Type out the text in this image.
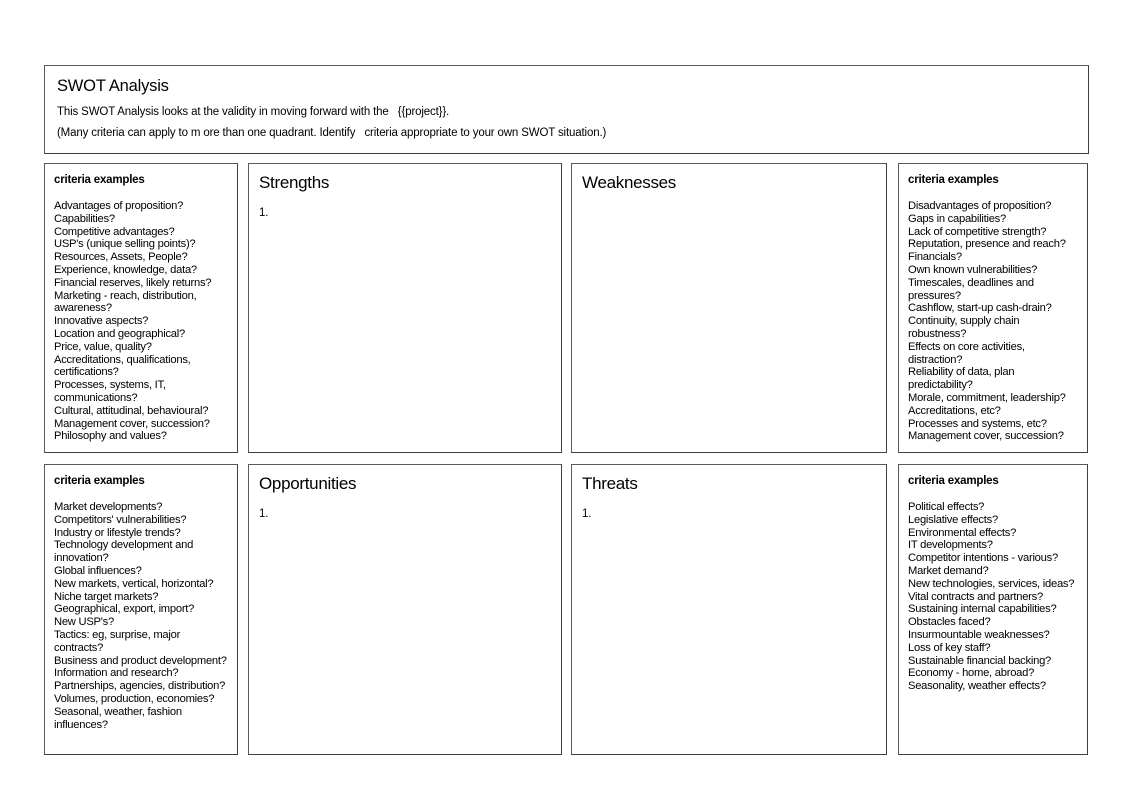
SWOT Analysis
This SWOT Analysis looks at the validity in moving forward with the   {{project}}.
(Many criteria can apply to m ore than one quadrant. Identify   criteria appropriate to your own SWOT situation.)
criteria examples
Advantages of proposition?
Capabilities?
Competitive advantages?
USP's (unique selling points)?
Resources, Assets, People?
Experience, knowledge, data?
Financial reserves, likely returns?
Marketing - reach, distribution, awareness?
Innovative aspects?
Location and geographical?
Price, value, quality?
Accreditations, qualifications, certifications?
Processes, systems, IT, communications?
Cultural, attitudinal, behavioural?
Management cover, succession?
Philosophy and values?
Strengths
1.
Weaknesses	criteria examples
Disadvantages of proposition?
Gaps in capabilities?
Lack of competitive strength?
Reputation, presence and reach?
Financials?
Own known vulnerabilities?
Timescales, deadlines and pressures?
Cashflow, start-up cash-drain?
Continuity, supply chain robustness?
Effects on core activities, distraction?
Reliability of data, plan predictability?
Morale, commitment, leadership?
Accreditations, etc?
Processes and systems, etc?
Management cover, succession?
criteria examples
Market developments?
Competitors' vulnerabilities?
Industry or lifestyle trends?
Technology development and innovation?
Global influences?
New markets, vertical, horizontal?
Niche target markets?
Geographical, export, import?
New USP's?
Tactics: eg, surprise, major contracts?
Business and product development?
Information and research?
Partnerships, agencies, distribution?
Volumes, production, economies?
Seasonal, weather, fashion influences?
Opportunities
1.
Threats
1.
criteria examples
Political effects?
Legislative effects?
Environmental effects?
IT developments?
Competitor intentions - various?
Market demand?
New technologies, services, ideas?
Vital contracts and partners?
Sustaining internal capabilities?
Obstacles faced?
Insurmountable weaknesses?
Loss of key staff?
Sustainable financial backing?
Economy - home, abroad?
Seasonality, weather effects?
